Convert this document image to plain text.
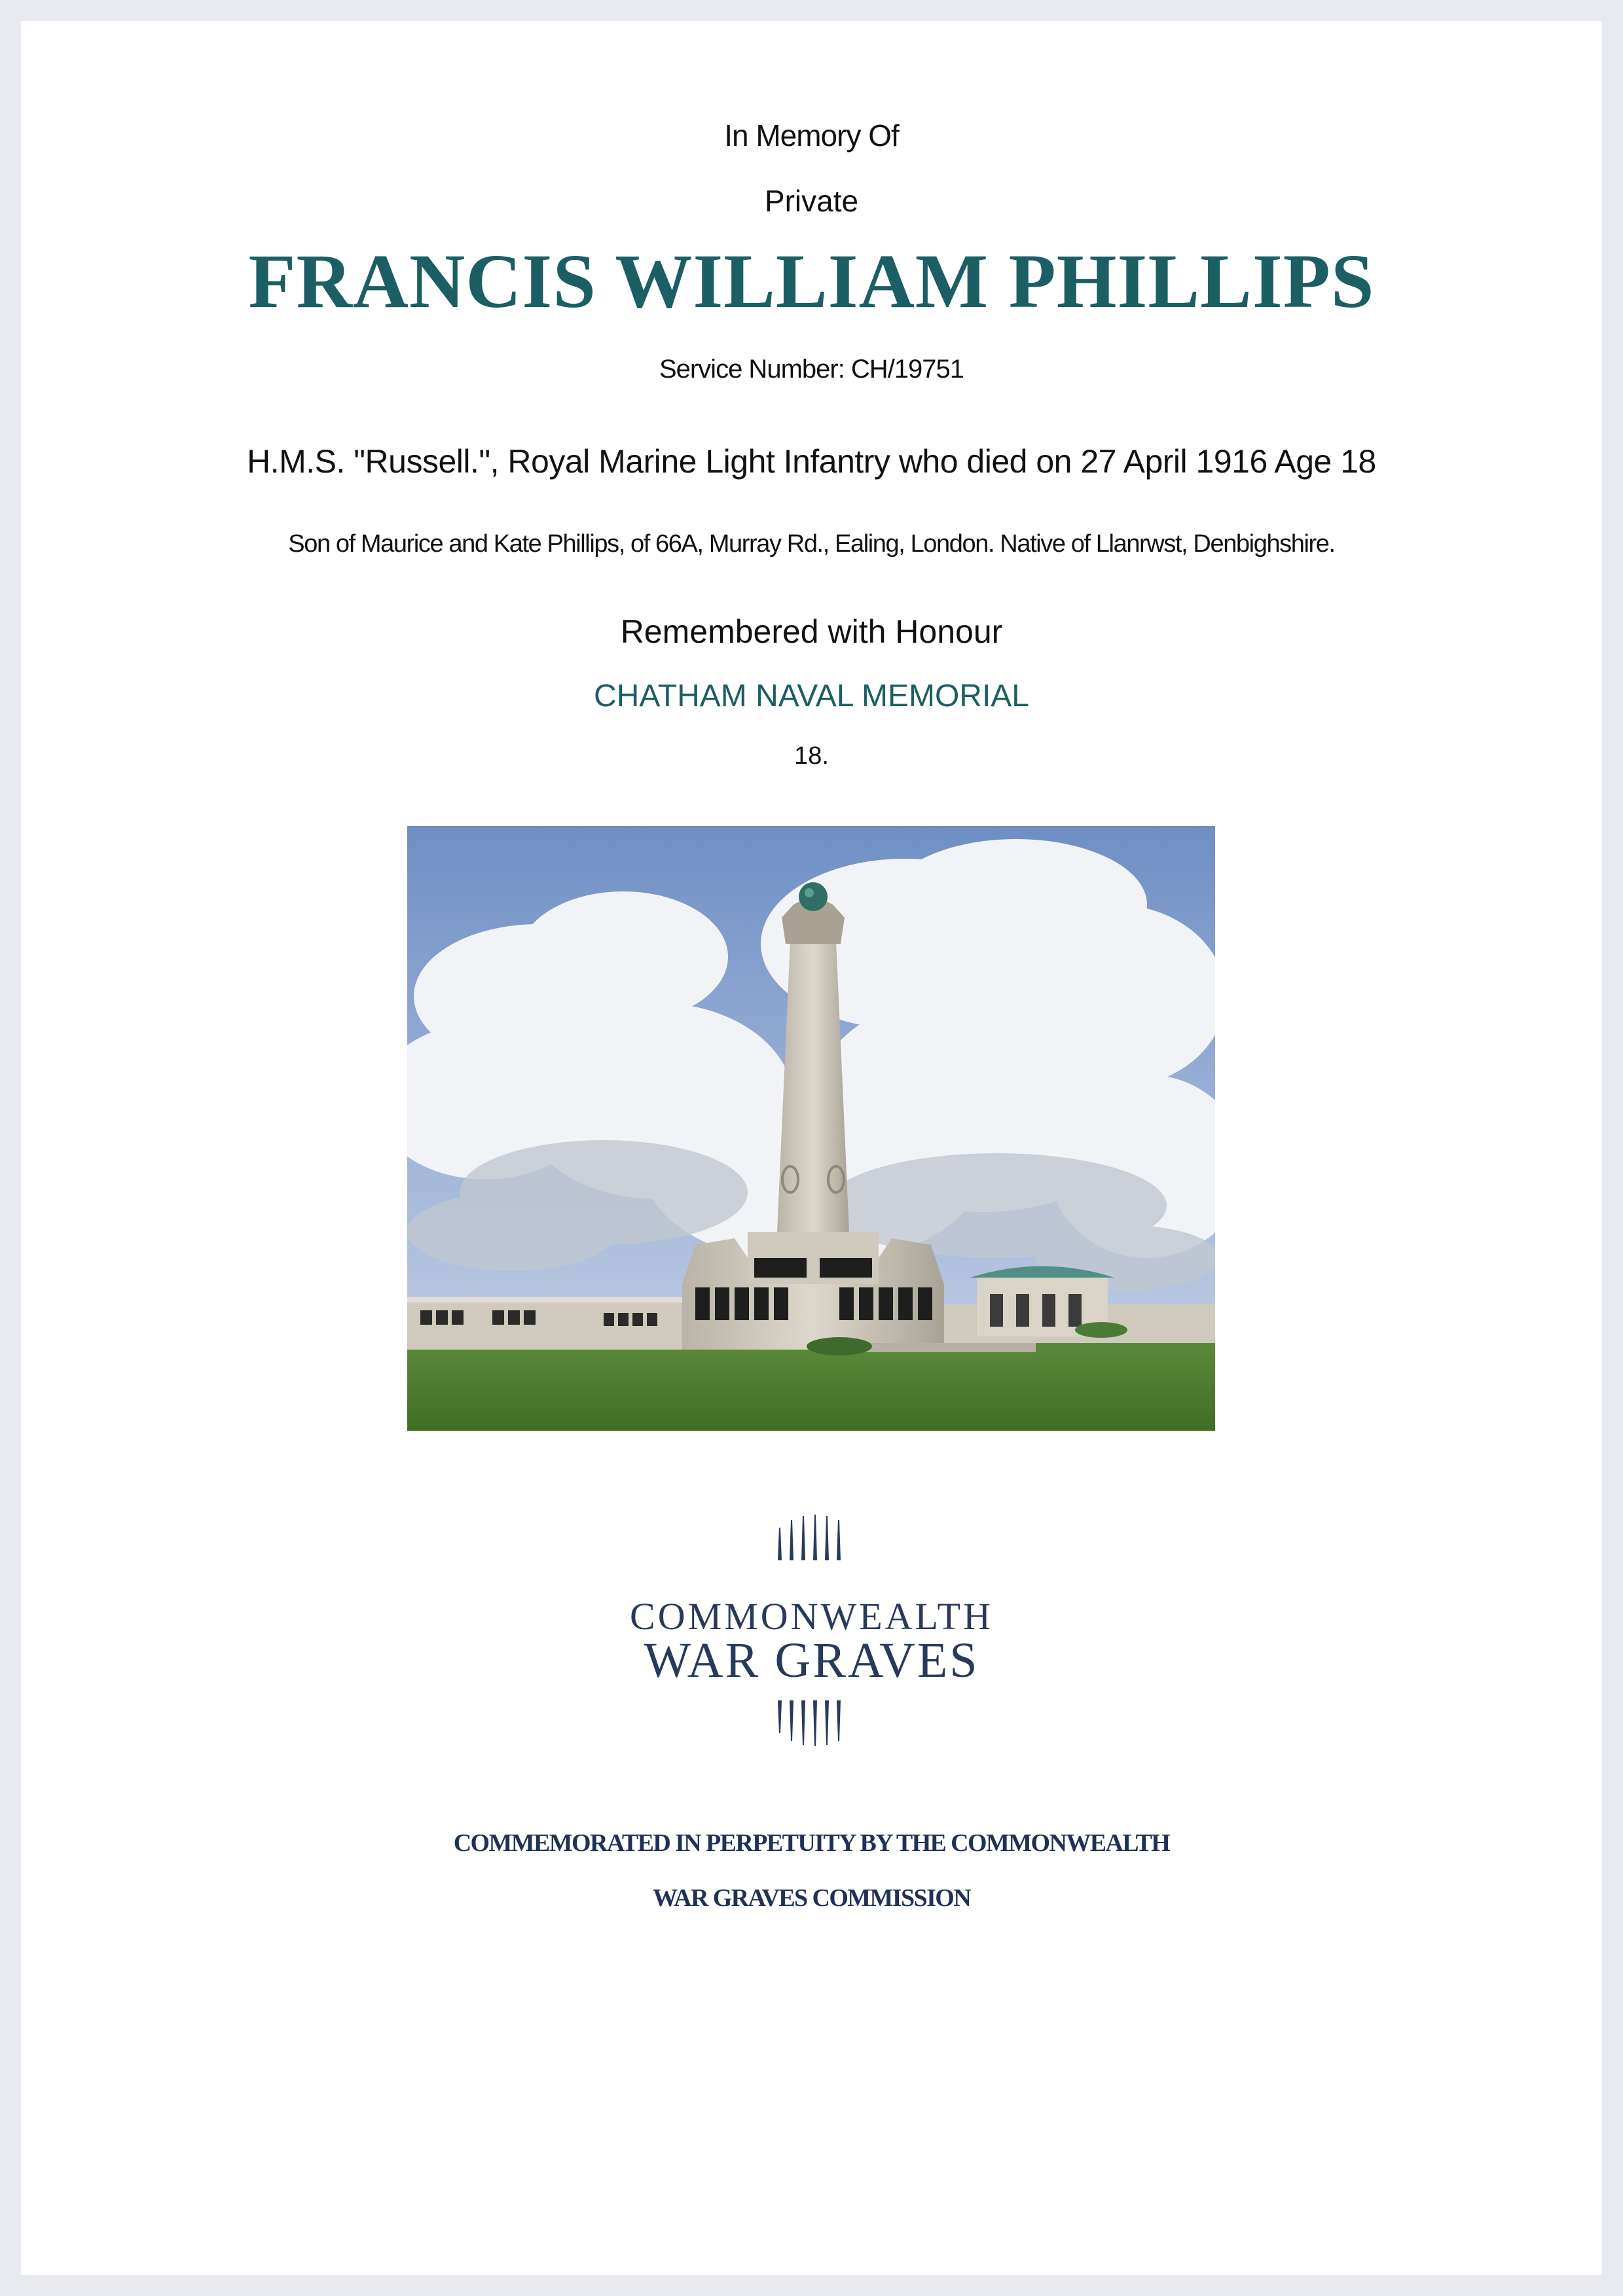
In Memory Of
Private
FRANCIS WILLIAM PHILLIPS
Service Number: CH/19751
H.M.S. "Russell.", Royal Marine Light Infantry who died on 27 April 1916 Age 18
Son of Maurice and Kate Phillips, of 66A, Murray Rd., Ealing, London. Native of Llanrwst, Denbighshire.
Remembered with Honour
CHATHAM NAVAL MEMORIAL
18.
COMMONWEALTH
WAR GRAVES
COMMEMORATED IN PERPETUITY BY THE COMMONWEALTH
WAR GRAVES COMMISSION
